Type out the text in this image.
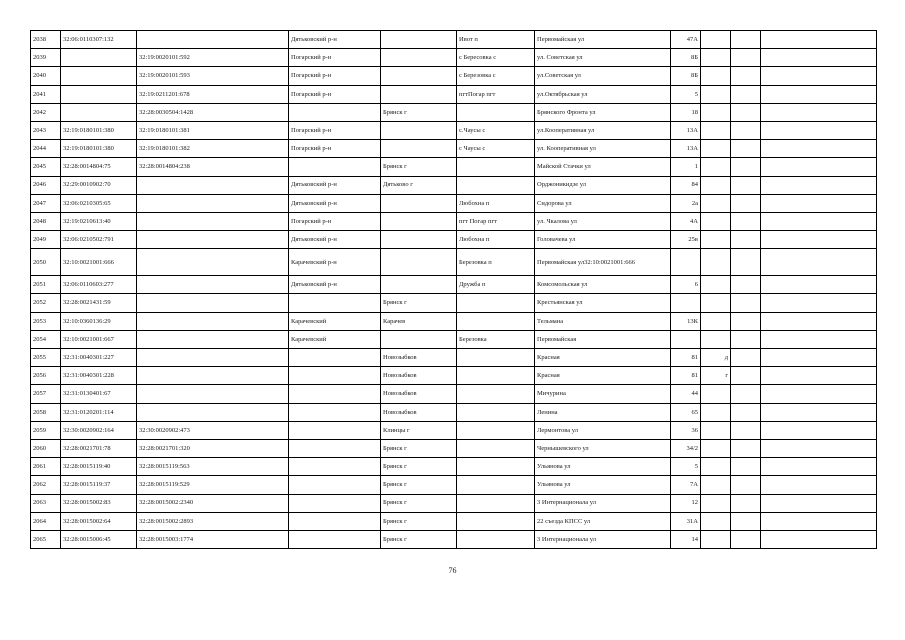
2038	32:06:0110307:132		Дятьковский р-н		Ивот п	Первомайская ул	47А			
2039		32:19:0020101:592	Погарский р-н		с Бересовка с	ул. Советская ул	8Б			
2040		32:19:0020101:593	Погарский р-н		с Березовка с	ул.Советская ул	8Б			
2041		32:19:0211201:678	Погарский р-н		пгтПогар пгт	ул.Октябрьская ул	5			
2042		32:28:0030504:1428		Брянск г		Брянского Фронта ул	18			
2043	32:19:0180101:380	32:19:0180101:381	Погарский р-н		с.Чаусы с	ул.Кооперативная ул	13А			
2044	32:19:0180101:380	32:19:0180101:382	Погарский р-н		с Чаусы с	ул. Кооперативная ул	13А			
2045	32:28:0014804:75	32:28:0014804:238		Брянск г		Майской Стачки ул	1			
2046	32:29:0010902:70		Дятьковский р-н	Дятьково г		Орджоникидзе ул	84			
2047	32:06:0210305:65		Дятьковский р-н		Любохна п	Сидорова ул	2а			
2048	32:19:0210613:40		Погарский р-н		пгт Погар пгт	ул. Чкалова ул	4А			
2049	32:06:0210502:791		Дятьковский р-н		Любохна п	Головачева ул	25в			
2050	32:10:0021001:666		Карачевский р-н		Березовка п	Первомайская ул32:10:0021001:666				
2051	32:06:0110603:277		Дятьковский р-н		Дружба п	Комсомольская ул	6			
2052	32:28:0021431:59			Брянск г		Крестьянская ул				
2053	32:10:0360136:29		Карачевский	Карачев		Тельмана	13К			
2054	32:10:0021001:667		Карачевский		Березовка	Первомайская				
2055	32:31:0040301:227			Новозыбков		Красная	81	д		
2056	32:31:0040301:228			Новозыбков		Красная	81	г		
2057	32:31:0130401:67			Новозыбков		Мичурина	44			
2058	32:31:0120201:114			Новозыбков		Ленина	65			
2059	32:30:0020902:164	32:30:0020902:473		Клинцы г		Лермонтова ул	36			
2060	32:28:0021701:78	32:28:0021701:320		Брянск г		Чернышевского ул	34/2			
2061	32:28:0015119:40	32:28:0015119:563		Брянск г		Ульянова ул	5			
2062	32:28:0015119:37	32:28:0015119:529		Брянск г		Ульянова ул	7А			
2063	32:28:0015002:83	32:28:0015002:2340		Брянск г		3 Интернационала ул	12			
2064	32:28:0015002:64	32:28:0015002:2893		Брянск г		22 съезда КПСС ул	31А			
2065	32:28:0015006:45	32:28:0015003:1774		Брянск г		3 Интернационала ул	14			
76
